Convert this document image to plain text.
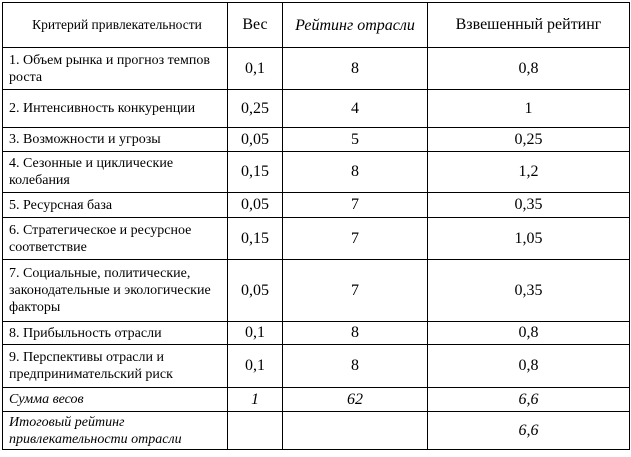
Критерий привлекательности	Вес	Рейтинг отрасли	Взвешенный рейтинг
1. Объем рынка и прогноз темпов роста	0,1	8	0,8
2. Интенсивность конкуренции	0,25	4	1
3. Возможности и угрозы	0,05	5	0,25
4. Сезонные и циклические колебания	0,15	8	1,2
5. Ресурсная база	0,05	7	0,35
6. Стратегическое и ресурсное соответствие	0,15	7	1,05
7. Социальные, политические, законодательные и экологические факторы	0,05	7	0,35
8. Прибыльность отрасли	0,1	8	0,8
9. Перспективы отрасли и предпринимательский риск	0,1	8	0,8
Сумма весов	1	62	6,6
Итоговый рейтинг привлекательности отрасли			6,6
